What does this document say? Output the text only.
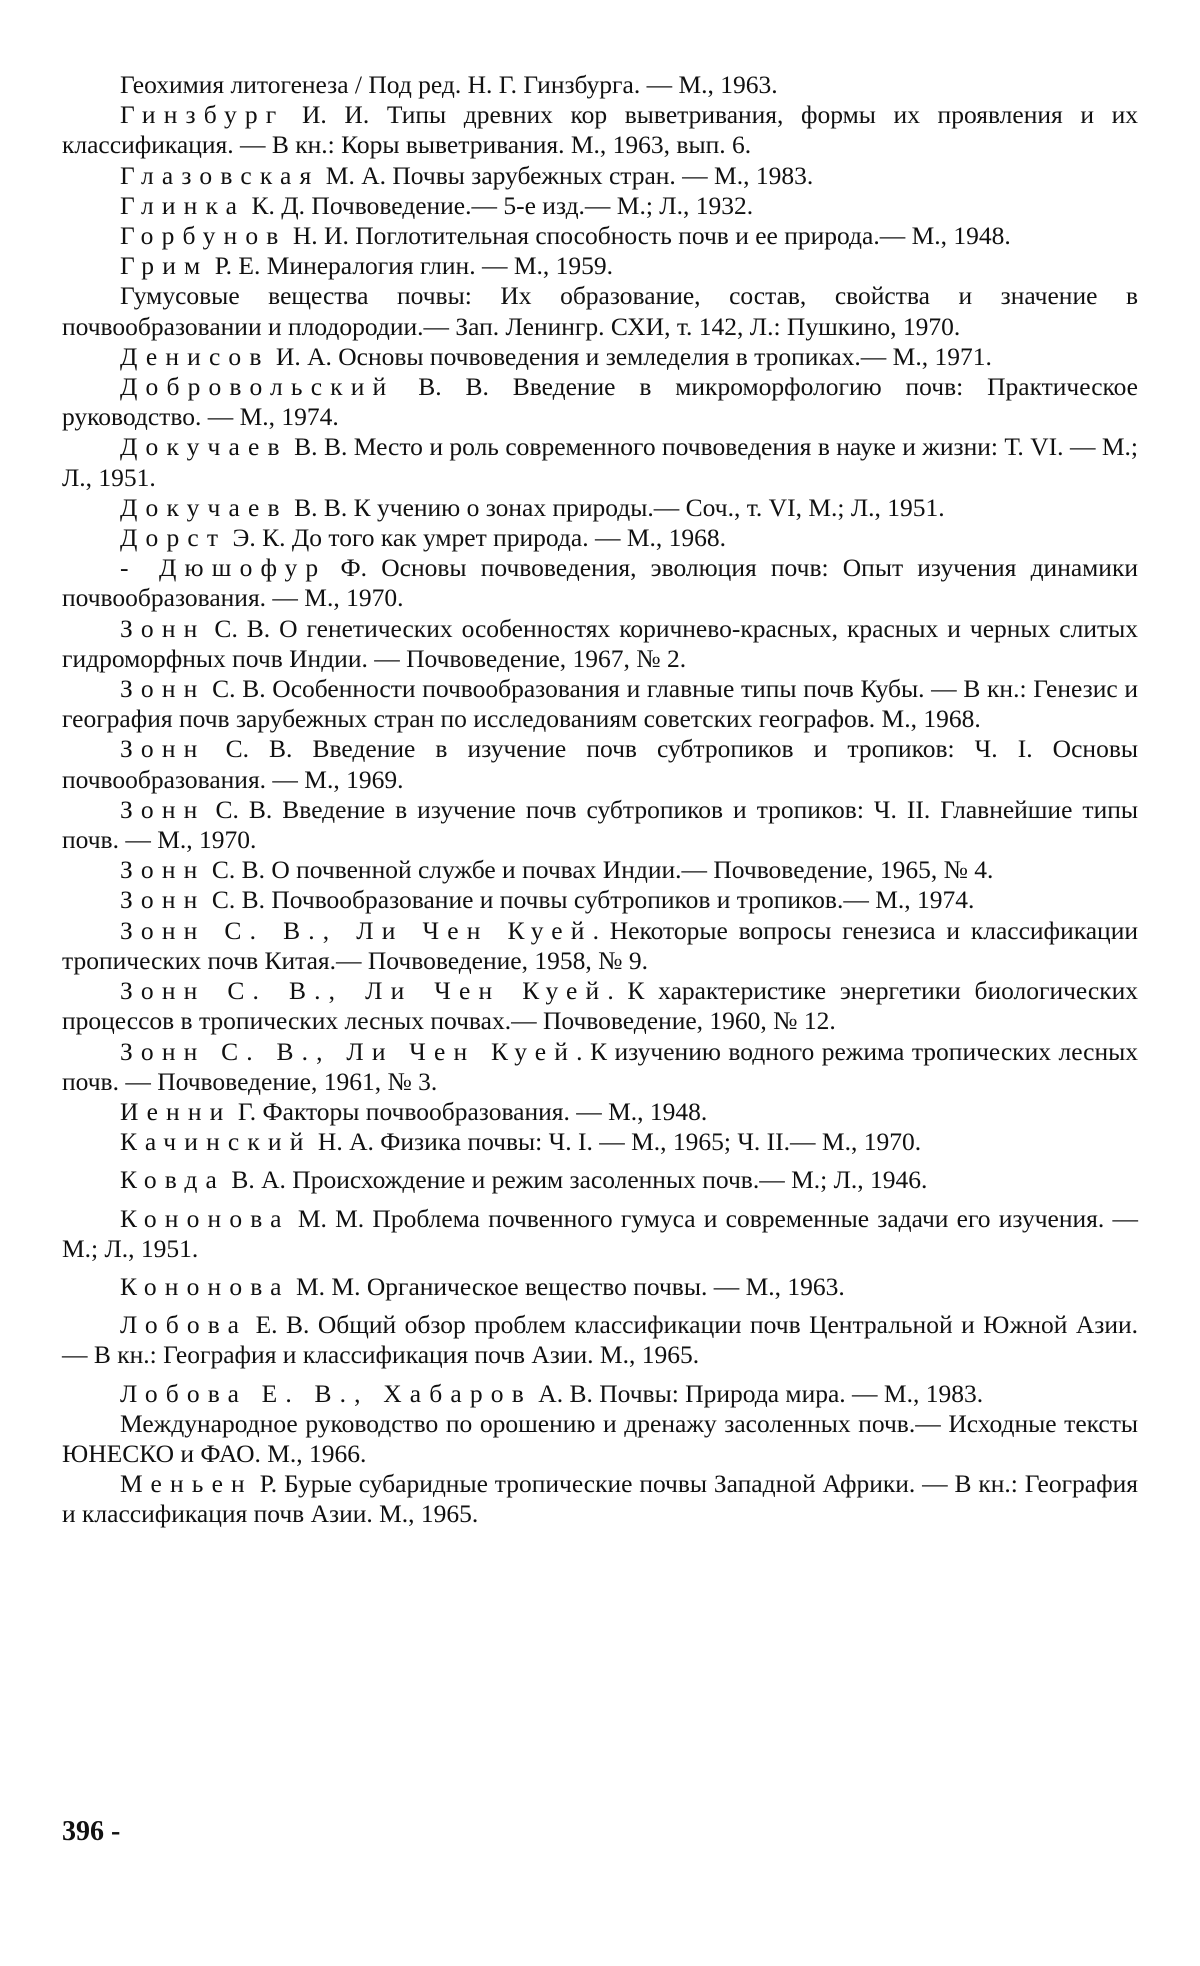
Геохимия литогенеза / Под ред. Н. Г. Гинзбурга. — М., 1963.

Гинзбург И. И. Типы древних кор выветривания, формы их проявления и их классификация. — В кн.: Коры выветривания. М., 1963, вып. 6.

Глазовская М. А. Почвы зарубежных стран. — М., 1983.

Глинка К. Д. Почвоведение.— 5-е изд.— М.; Л., 1932.

Горбунов Н. И. Поглотительная способность почв и ее природа.— М., 1948.

Грим Р. Е. Минералогия глин. — М., 1959.

Гумусовые вещества почвы: Их образование, состав, свойства и значение в почвообразовании и плодородии.— Зап. Ленингр. СХИ, т. 142, Л.: Пушкино, 1970.

Денисов И. А. Основы почвоведения и земледелия в тропиках.— М., 1971.

Добровольский В. В. Введение в микроморфологию почв: Практическое руководство. — М., 1974.

Докучаев В. В. Место и роль современного почвоведения в науке и жизни: Т. VI. — М.; Л., 1951.

Докучаев В. В. К учению о зонах природы.— Соч., т. VI, М.; Л., 1951.

Дорст Э. К. До того как умрет природа. — М., 1968.

- Дюшофур Ф. Основы почвоведения, эволюция почв: Опыт изучения динамики почвообразования. — М., 1970.

Зонн С. В. О генетических особенностях коричнево-красных, красных и черных слитых гидроморфных почв Индии. — Почвоведение, 1967, № 2.

Зонн С. В. Особенности почвообразования и главные типы почв Кубы. — В кн.: Генезис и география почв зарубежных стран по исследованиям советских географов. М., 1968.

Зонн С. В. Введение в изучение почв субтропиков и тропиков: Ч. I. Основы почвообразования. — М., 1969.

Зонн С. В. Введение в изучение почв субтропиков и тропиков: Ч. II. Главнейшие типы почв. — М., 1970.

Зонн С. В. О почвенной службе и почвах Индии.— Почвоведение, 1965, № 4.

Зонн С. В. Почвообразование и почвы субтропиков и тропиков.— М., 1974.

Зонн С. В., Ли Чен Куей. Некоторые вопросы генезиса и классификации тропических почв Китая.— Почвоведение, 1958, № 9.

Зонн С. В., Ли Чен Куей. К характеристике энергетики биологических процессов в тропических лесных почвах.— Почвоведение, 1960, № 12.

Зонн С. В., Ли Чен Куей. К изучению водного режима тропических лесных почв. — Почвоведение, 1961, № 3.

Иенни Г. Факторы почвообразования. — М., 1948.

Качинский Н. А. Физика почвы: Ч. I. — М., 1965; Ч. II.— М., 1970.

Ковда В. А. Происхождение и режим засоленных почв.— М.; Л., 1946.

Кононова М. М. Проблема почвенного гумуса и современные задачи его изучения. — М.; Л., 1951.

Кононова М. М. Органическое вещество почвы. — М., 1963.

Лобова Е. В. Общий обзор проблем классификации почв Центральной и Южной Азии. — В кн.: География и классификация почв Азии. М., 1965.

Лобова Е. В., Хабаров А. В. Почвы: Природа мира. — М., 1983.

Международное руководство по орошению и дренажу засоленных почв.— Исходные тексты ЮНЕСКО и ФАО. М., 1966.

Меньен Р. Бурые субаридные тропические почвы Западной Африки. — В кн.: География и классификация почв Азии. М., 1965.

396 -
